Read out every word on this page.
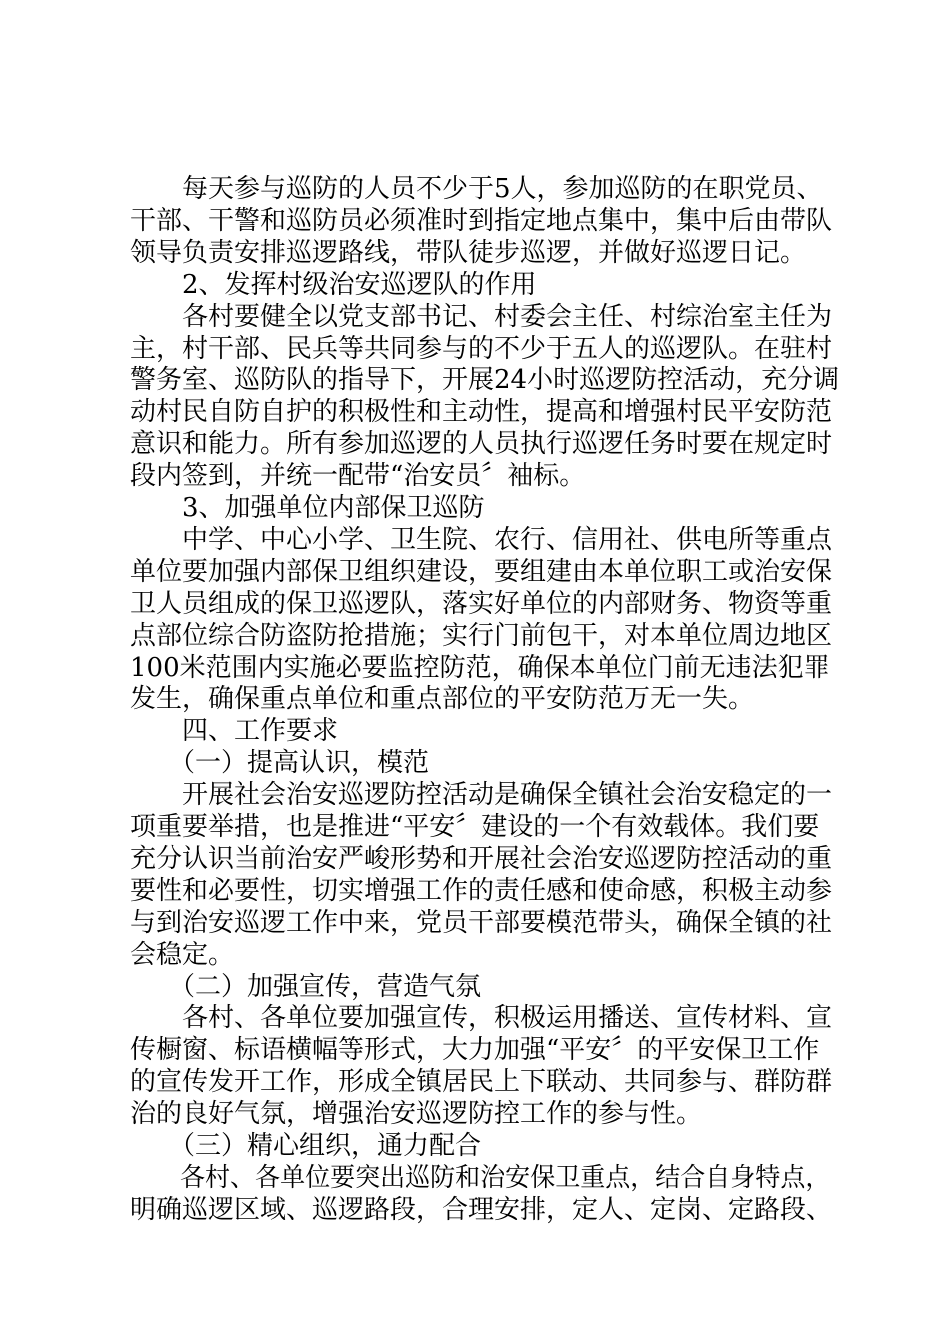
　　每天参与巡防的人员不少于5人，参加巡防的在职党员、

干部、干警和巡防员必须准时到指定地点集中，集中后由带队

领导负责安排巡逻路线，带队徒步巡逻，并做好巡逻日记。

　　2、发挥村级治安巡逻队的作用

　　各村要健全以党支部书记、村委会主任、村综治室主任为

主，村干部、民兵等共同参与的不少于五人的巡逻队。在驻村

警务室、巡防队的指导下，开展24小时巡逻防控活动，充分调

动村民自防自护的积极性和主动性，提高和增强村民平安防范

意识和能力。所有参加巡逻的人员执行巡逻任务时要在规定时

段内签到，并统一配带“治安员〞袖标。

　　3、加强单位内部保卫巡防

　　中学、中心小学、卫生院、农行、信用社、供电所等重点

单位要加强内部保卫组织建设，要组建由本单位职工或治安保

卫人员组成的保卫巡逻队，落实好单位的内部财务、物资等重

点部位综合防盗防抢措施；实行门前包干，对本单位周边地区

100米范围内实施必要监控防范，确保本单位门前无违法犯罪

发生，确保重点单位和重点部位的平安防范万无一失。

　　四、工作要求

　　（一）提高认识，模范

　　开展社会治安巡逻防控活动是确保全镇社会治安稳定的一

项重要举措，也是推进“平安〞建设的一个有效载体。我们要

充分认识当前治安严峻形势和开展社会治安巡逻防控活动的重

要性和必要性，切实增强工作的责任感和使命感，积极主动参

与到治安巡逻工作中来，党员干部要模范带头，确保全镇的社

会稳定。

　　（二）加强宣传，营造气氛

　　各村、各单位要加强宣传，积极运用播送、宣传材料、宣

传橱窗、标语横幅等形式，大力加强“平安〞的平安保卫工作

的宣传发开工作，形成全镇居民上下联动、共同参与、群防群

治的良好气氛，增强治安巡逻防控工作的参与性。

　　（三）精心组织，通力配合

　　各村、各单位要突出巡防和治安保卫重点，结合自身特点，

明确巡逻区域、巡逻路段，合理安排，定人、定岗、定路段、
